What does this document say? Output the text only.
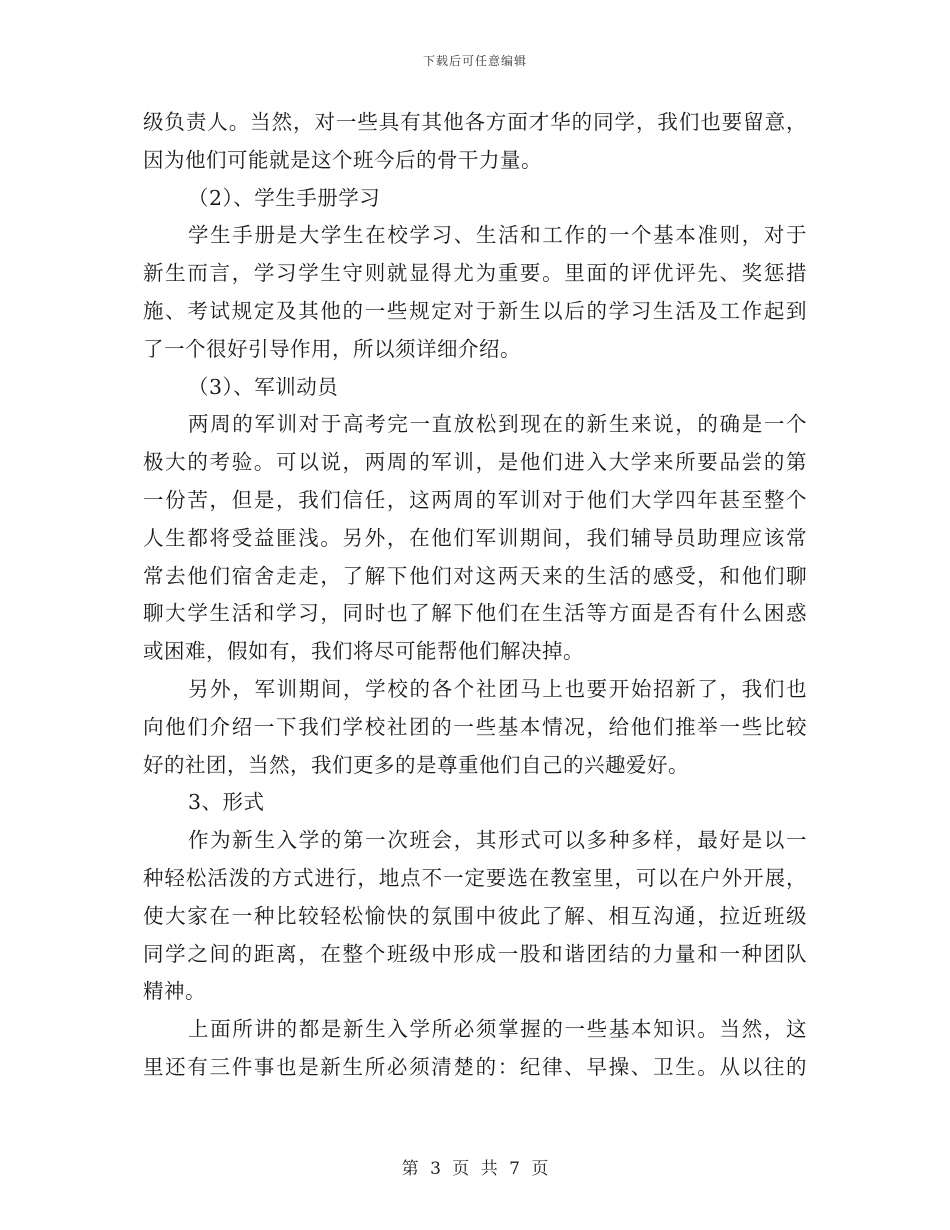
下载后可任意编辑
级负责人。当然，对一些具有其他各方面才华的同学，我们也要留意，
因为他们可能就是这个班今后的骨干力量。
（2）、学生手册学习
学生手册是大学生在校学习、生活和工作的一个基本准则，对于
新生而言，学习学生守则就显得尤为重要。里面的评优评先、奖惩措
施、考试规定及其他的一些规定对于新生以后的学习生活及工作起到
了一个很好引导作用，所以须详细介绍。
（3）、军训动员
两周的军训对于高考完一直放松到现在的新生来说，的确是一个
极大的考验。可以说，两周的军训，是他们进入大学来所要品尝的第
一份苦，但是，我们信任，这两周的军训对于他们大学四年甚至整个
人生都将受益匪浅。另外，在他们军训期间，我们辅导员助理应该常
常去他们宿舍走走，了解下他们对这两天来的生活的感受，和他们聊
聊大学生活和学习，同时也了解下他们在生活等方面是否有什么困惑
或困难，假如有，我们将尽可能帮他们解决掉。
另外，军训期间，学校的各个社团马上也要开始招新了，我们也
向他们介绍一下我们学校社团的一些基本情况，给他们推举一些比较
好的社团，当然，我们更多的是尊重他们自己的兴趣爱好。
3、形式
作为新生入学的第一次班会，其形式可以多种多样，最好是以一
种轻松活泼的方式进行，地点不一定要选在教室里，可以在户外开展，
使大家在一种比较轻松愉快的氛围中彼此了解、相互沟通，拉近班级
同学之间的距离，在整个班级中形成一股和谐团结的力量和一种团队
精神。
上面所讲的都是新生入学所必须掌握的一些基本知识。当然，这
里还有三件事也是新生所必须清楚的：纪律、早操、卫生。从以往的
第 3 页 共 7 页
